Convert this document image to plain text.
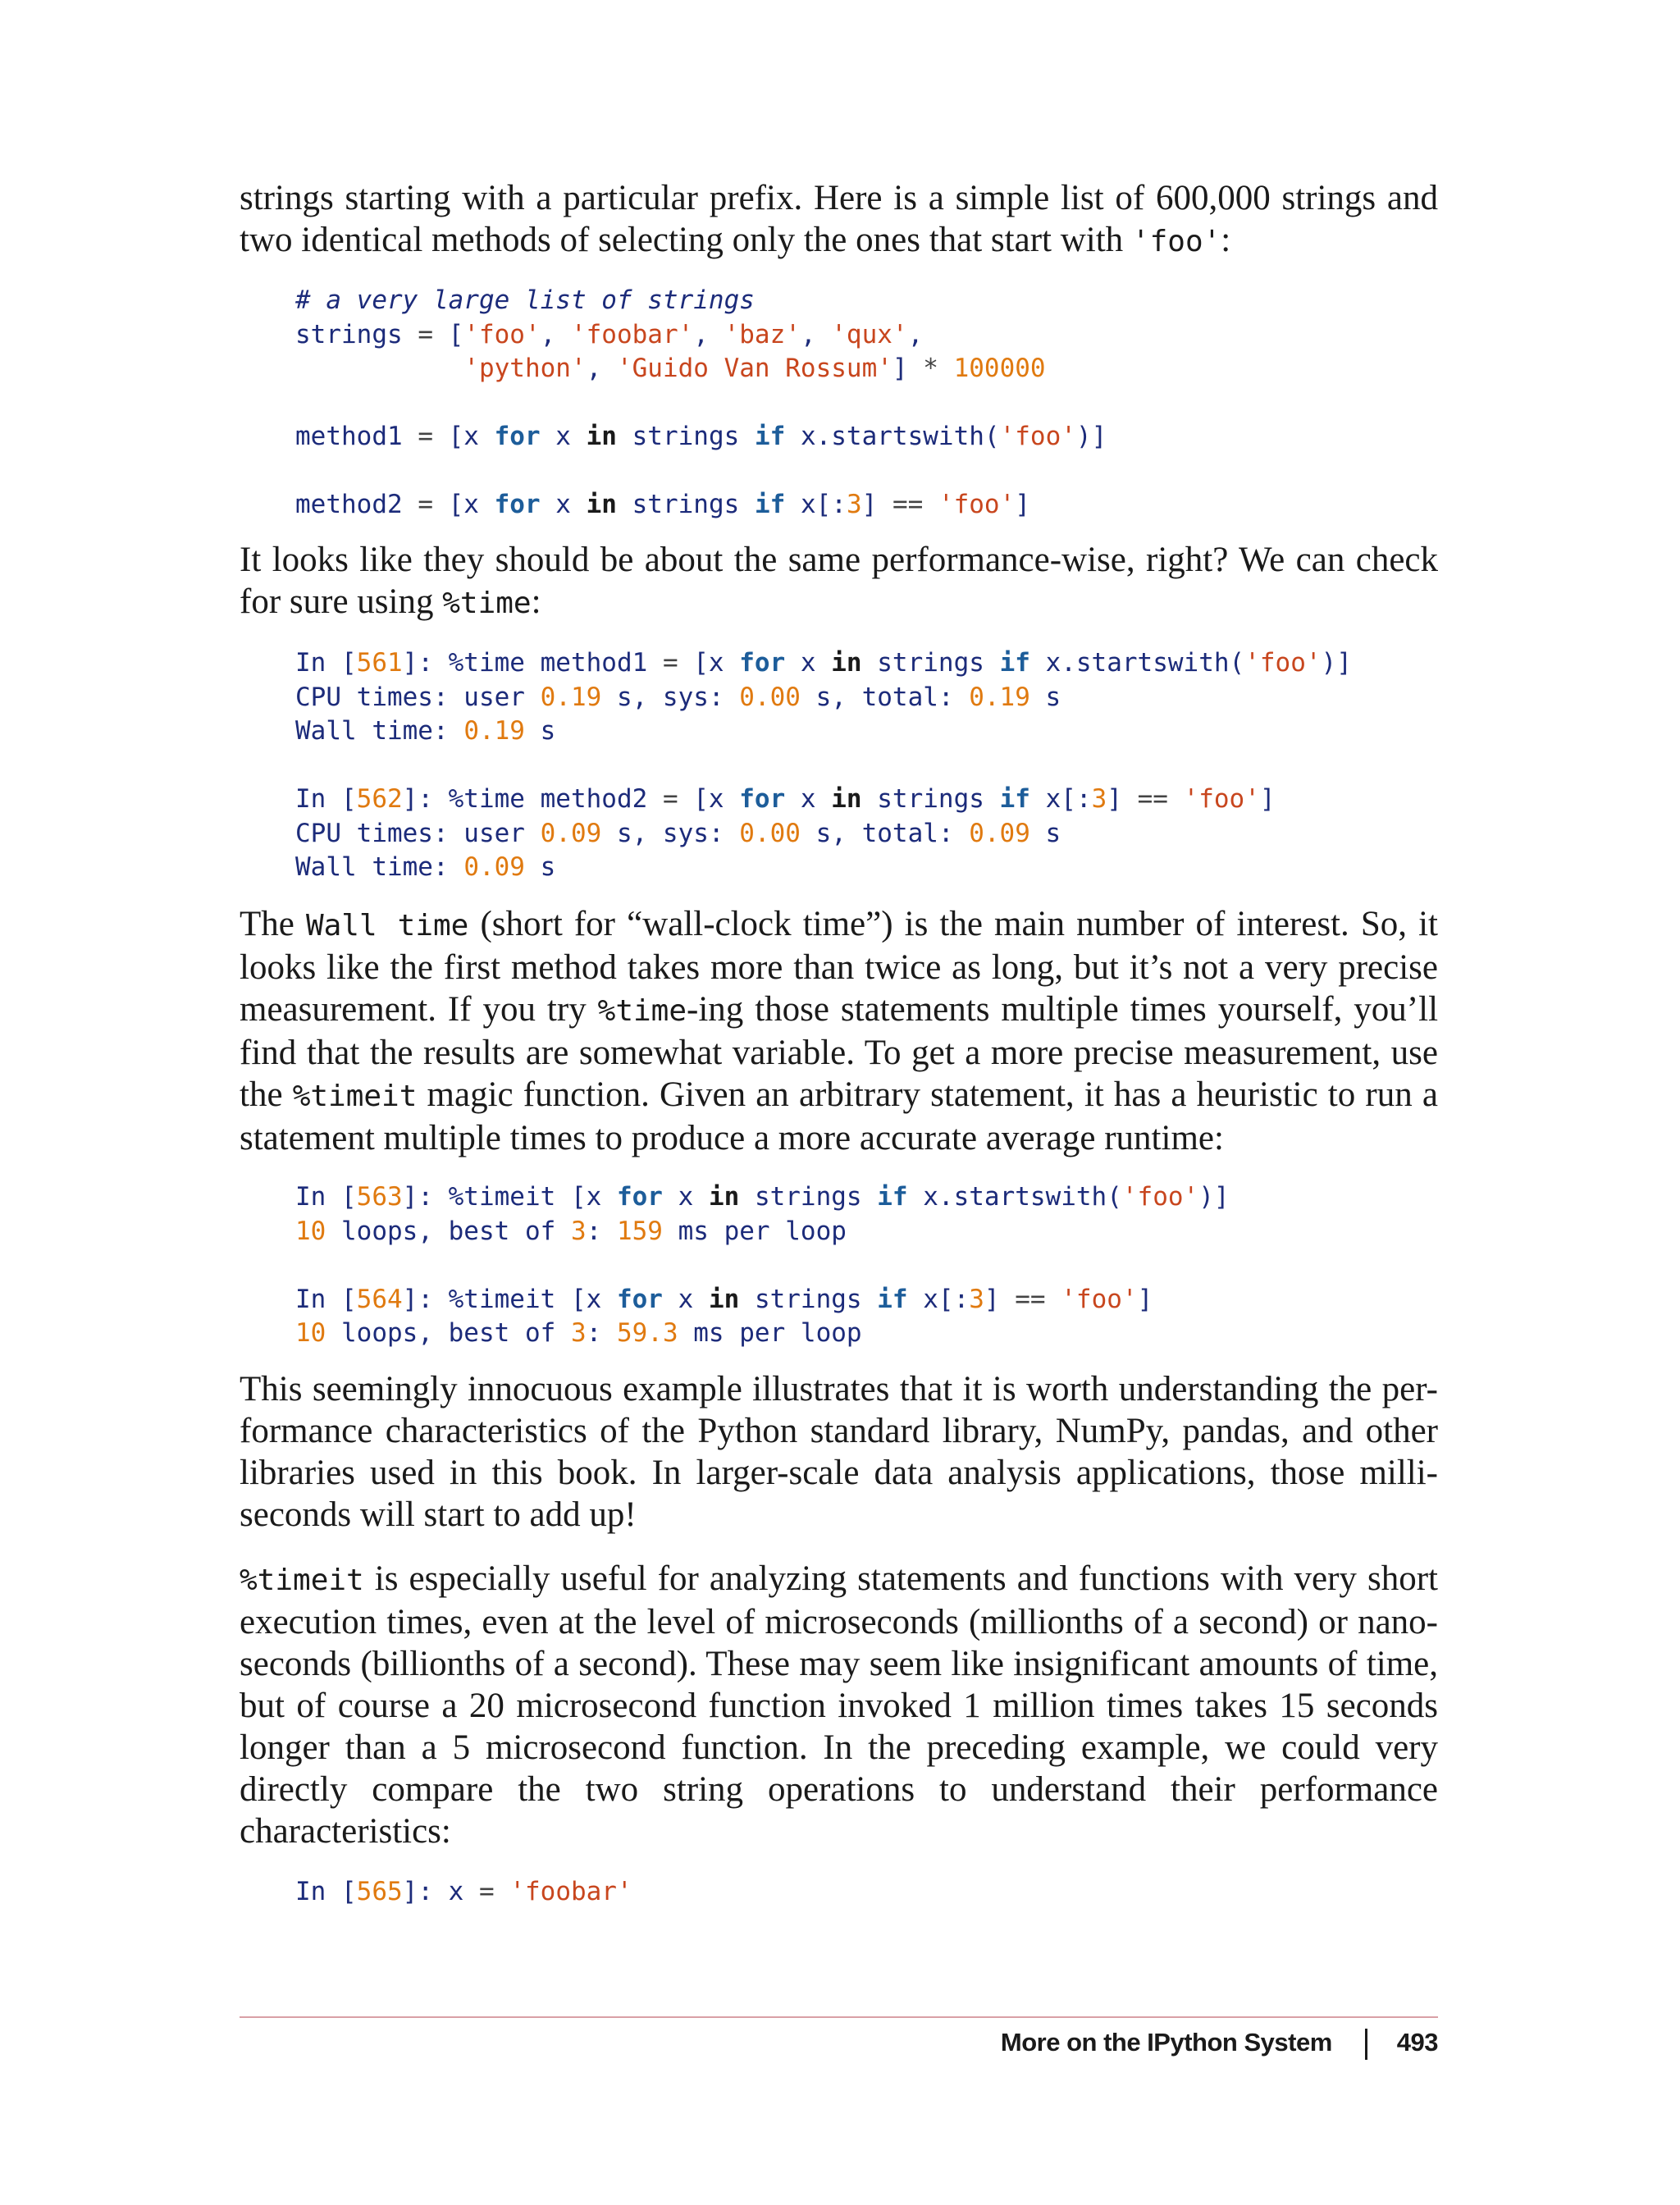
strings starting with a particular prefix. Here is a simple list of 600,000 strings and
two identical methods of selecting only the ones that start with 'foo':
# a very large list of strings
strings = ['foo', 'foobar', 'baz', 'qux',
'python', 'Guido Van Rossum'] * 100000

method1 = [x for x in strings if x.startswith('foo')]

method2 = [x for x in strings if x[:3] == 'foo']
It looks like they should be about the same performance-wise, right? We can check
for sure using %time:
In [561]: %time method1 = [x for x in strings if x.startswith('foo')]
CPU times: user 0.19 s, sys: 0.00 s, total: 0.19 s
Wall time: 0.19 s

In [562]: %time method2 = [x for x in strings if x[:3] == 'foo']
CPU times: user 0.09 s, sys: 0.00 s, total: 0.09 s
Wall time: 0.09 s
The Wall time (short for “wall-clock time”) is the main number of interest. So, it
looks like the first method takes more than twice as long, but it’s not a very precise
measurement. If you try %time-ing those statements multiple times yourself, you’ll
find that the results are somewhat variable. To get a more precise measurement, use
the %timeit magic function. Given an arbitrary statement, it has a heuristic to run a
statement multiple times to produce a more accurate average runtime:
In [563]: %timeit [x for x in strings if x.startswith('foo')]
10 loops, best of 3: 159 ms per loop

In [564]: %timeit [x for x in strings if x[:3] == 'foo']
10 loops, best of 3: 59.3 ms per loop
This seemingly innocuous example illustrates that it is worth understanding the per-
formance characteristics of the Python standard library, NumPy, pandas, and other
libraries used in this book. In larger-scale data analysis applications, those milli-
seconds will start to add up!
%timeit is especially useful for analyzing statements and functions with very short
execution times, even at the level of microseconds (millionths of a second) or nano-
seconds (billionths of a second). These may seem like insignificant amounts of time,
but of course a 20 microsecond function invoked 1 million times takes 15 seconds
longer than a 5 microsecond function. In the preceding example, we could very
directly compare the two string operations to understand their performance
characteristics:
In [565]: x = 'foobar'
More on the IPython System	493
